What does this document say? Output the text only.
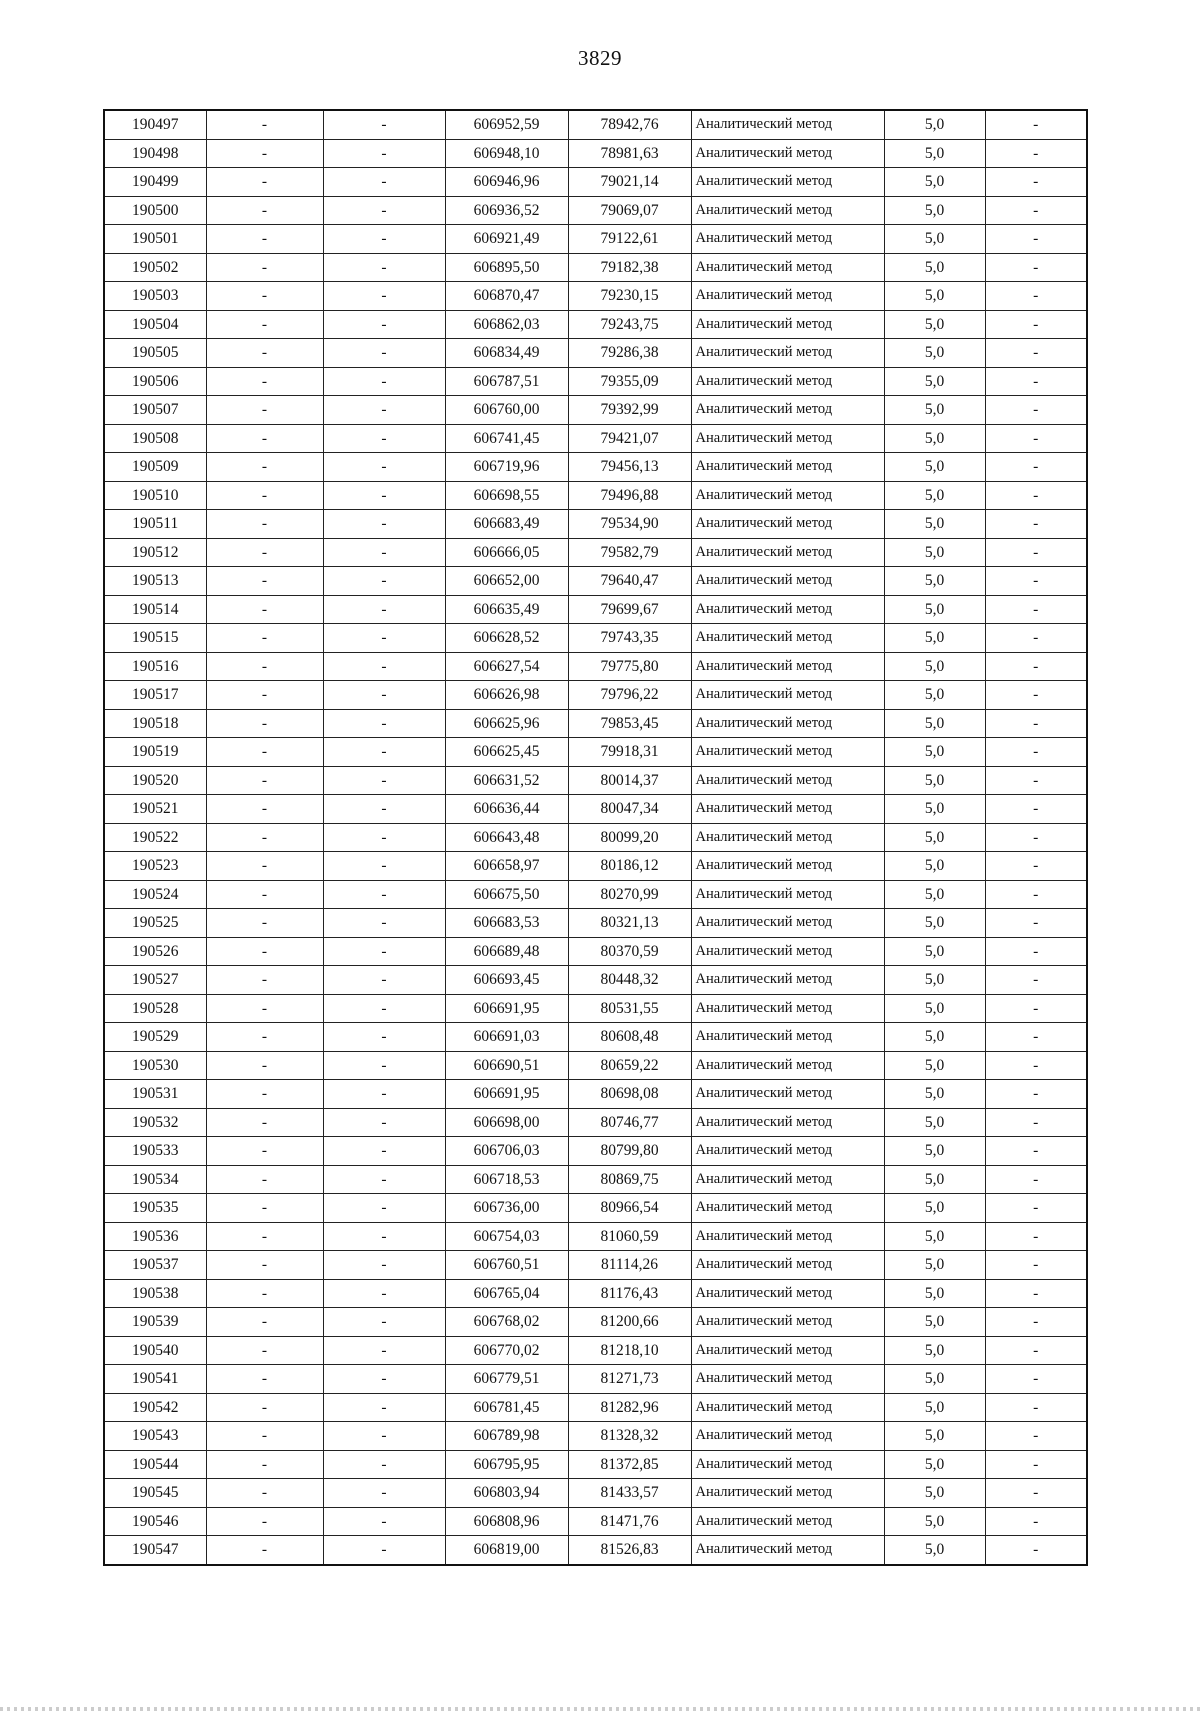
3829
190497	-	-	606952,59	78942,76	Аналитический метод	5,0	-
190498	-	-	606948,10	78981,63	Аналитический метод	5,0	-
190499	-	-	606946,96	79021,14	Аналитический метод	5,0	-
190500	-	-	606936,52	79069,07	Аналитический метод	5,0	-
190501	-	-	606921,49	79122,61	Аналитический метод	5,0	-
190502	-	-	606895,50	79182,38	Аналитический метод	5,0	-
190503	-	-	606870,47	79230,15	Аналитический метод	5,0	-
190504	-	-	606862,03	79243,75	Аналитический метод	5,0	-
190505	-	-	606834,49	79286,38	Аналитический метод	5,0	-
190506	-	-	606787,51	79355,09	Аналитический метод	5,0	-
190507	-	-	606760,00	79392,99	Аналитический метод	5,0	-
190508	-	-	606741,45	79421,07	Аналитический метод	5,0	-
190509	-	-	606719,96	79456,13	Аналитический метод	5,0	-
190510	-	-	606698,55	79496,88	Аналитический метод	5,0	-
190511	-	-	606683,49	79534,90	Аналитический метод	5,0	-
190512	-	-	606666,05	79582,79	Аналитический метод	5,0	-
190513	-	-	606652,00	79640,47	Аналитический метод	5,0	-
190514	-	-	606635,49	79699,67	Аналитический метод	5,0	-
190515	-	-	606628,52	79743,35	Аналитический метод	5,0	-
190516	-	-	606627,54	79775,80	Аналитический метод	5,0	-
190517	-	-	606626,98	79796,22	Аналитический метод	5,0	-
190518	-	-	606625,96	79853,45	Аналитический метод	5,0	-
190519	-	-	606625,45	79918,31	Аналитический метод	5,0	-
190520	-	-	606631,52	80014,37	Аналитический метод	5,0	-
190521	-	-	606636,44	80047,34	Аналитический метод	5,0	-
190522	-	-	606643,48	80099,20	Аналитический метод	5,0	-
190523	-	-	606658,97	80186,12	Аналитический метод	5,0	-
190524	-	-	606675,50	80270,99	Аналитический метод	5,0	-
190525	-	-	606683,53	80321,13	Аналитический метод	5,0	-
190526	-	-	606689,48	80370,59	Аналитический метод	5,0	-
190527	-	-	606693,45	80448,32	Аналитический метод	5,0	-
190528	-	-	606691,95	80531,55	Аналитический метод	5,0	-
190529	-	-	606691,03	80608,48	Аналитический метод	5,0	-
190530	-	-	606690,51	80659,22	Аналитический метод	5,0	-
190531	-	-	606691,95	80698,08	Аналитический метод	5,0	-
190532	-	-	606698,00	80746,77	Аналитический метод	5,0	-
190533	-	-	606706,03	80799,80	Аналитический метод	5,0	-
190534	-	-	606718,53	80869,75	Аналитический метод	5,0	-
190535	-	-	606736,00	80966,54	Аналитический метод	5,0	-
190536	-	-	606754,03	81060,59	Аналитический метод	5,0	-
190537	-	-	606760,51	81114,26	Аналитический метод	5,0	-
190538	-	-	606765,04	81176,43	Аналитический метод	5,0	-
190539	-	-	606768,02	81200,66	Аналитический метод	5,0	-
190540	-	-	606770,02	81218,10	Аналитический метод	5,0	-
190541	-	-	606779,51	81271,73	Аналитический метод	5,0	-
190542	-	-	606781,45	81282,96	Аналитический метод	5,0	-
190543	-	-	606789,98	81328,32	Аналитический метод	5,0	-
190544	-	-	606795,95	81372,85	Аналитический метод	5,0	-
190545	-	-	606803,94	81433,57	Аналитический метод	5,0	-
190546	-	-	606808,96	81471,76	Аналитический метод	5,0	-
190547	-	-	606819,00	81526,83	Аналитический метод	5,0	-
